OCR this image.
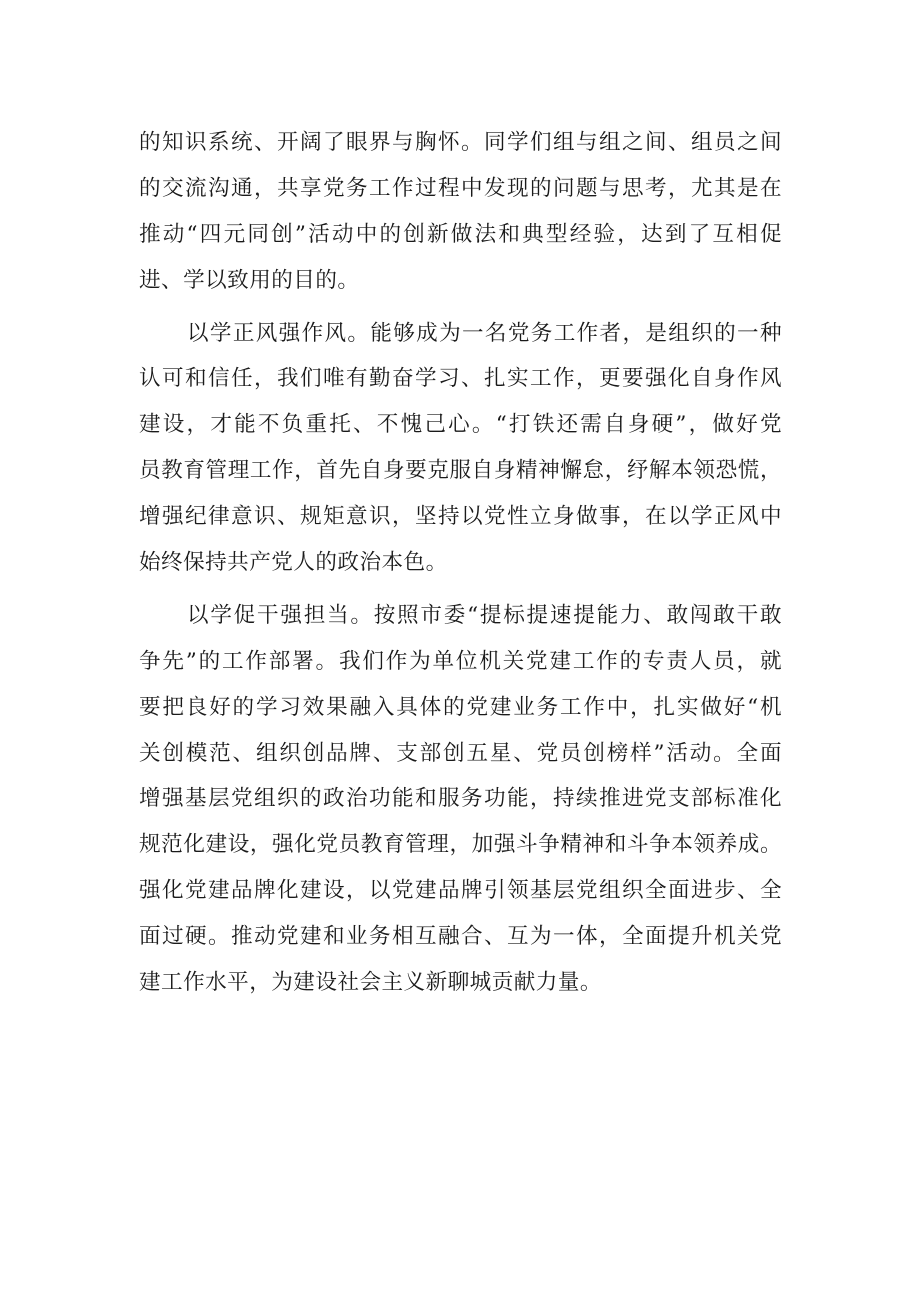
的知识系统、开阔了眼界与胸怀。同学们组与组之间、组员之间
的交流沟通，共享党务工作过程中发现的问题与思考，尤其是在
推动“四元同创”活动中的创新做法和典型经验，达到了互相促
进、学以致用的目的。
以学正风强作风。能够成为一名党务工作者，是组织的一种
认可和信任，我们唯有勤奋学习、扎实工作，更要强化自身作风
建设，才能不负重托、不愧己心。“打铁还需自身硬”，做好党
员教育管理工作，首先自身要克服自身精神懈怠，纾解本领恐慌，
增强纪律意识、规矩意识，坚持以党性立身做事，在以学正风中
始终保持共产党人的政治本色。
以学促干强担当。按照市委“提标提速提能力、敢闯敢干敢
争先”的工作部署。我们作为单位机关党建工作的专责人员，就
要把良好的学习效果融入具体的党建业务工作中，扎实做好“机
关创模范、组织创品牌、支部创五星、党员创榜样”活动。全面
增强基层党组织的政治功能和服务功能，持续推进党支部标准化
规范化建设，强化党员教育管理，加强斗争精神和斗争本领养成。
强化党建品牌化建设，以党建品牌引领基层党组织全面进步、全
面过硬。推动党建和业务相互融合、互为一体，全面提升机关党
建工作水平，为建设社会主义新聊城贡献力量。
